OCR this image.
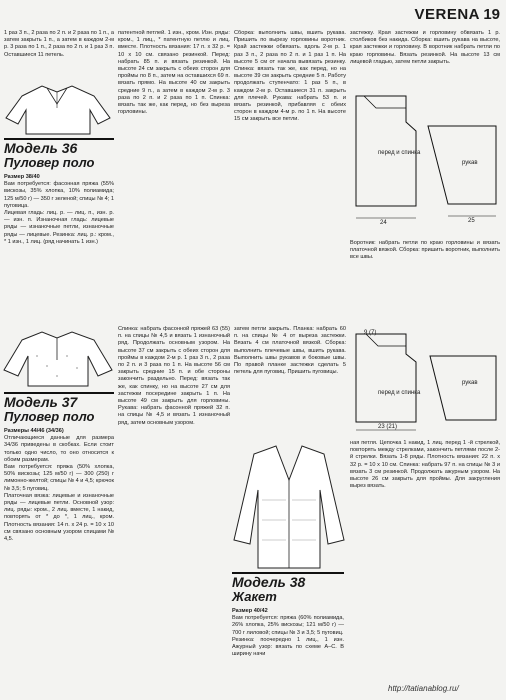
VERENA 19
1 раз 3 п., 2 раза по 2 п. и 2 раза по 1 п., а затем закрыть 1 п., а затем в каждом 2-м р. 3 раза по 1 п., 2 раза по 2 п. и 1 раз 3 п. Оставшиеся 11 петель.
Модель 36
Пуловер поло

Размер 38/40

Вам потребуется: фасонная пряжа (55% вискозы, 35% хлопка, 10% полиамида; 125 м/50 г) — 350 г зеленой; спицы № 4; 1 пуговица.

Лицевая гладь: лиц. р. — лиц. п., изн. р. — изн. п. Изнаночная гладь: лицевые ряды — изнаночные петли, изнаночные ряды — лицевые. Резинка: лиц. р.: кром., * 1 изн., 1 лиц. (ряд начинать 1 изн.)

патентной петлей. 1 изн., кром. Изн. ряды: кром., 1 лиц., * патентную петлю и лиц. вместе. Плотность вязания: 17 п. х 32 р. = 10 х 10 см. связано резинкой. Перед: набрать 85 п. и вязать резинкой. На высоте 24 см закрыть с обеих сторон для проймы по 8 п., затем на оставшихся 69 п. вязать прямо. На высоте 40 см закрыть средние 9 п., а затем в каждом 2-м р. 3 раза по 2 п. и 2 раза по 1 п. Спинка: вязать так же, как перед, но без выреза горловины.
Сборка: выполнить швы, вшить рукава. Пришить по вырезу горловины воротник. Край застежки обвязать. вдоль 2-м р. 1 раз 3 п., 2 раза по 2 п. и 1 раз 1 п. На высоте 5 см от начала вывязать резинку. Спинка: вязать так же, как перед, но на высоте 39 см закрыть средние 5 п. Работу продолжать ступенчато: 1 раз 5 п., в каждом 2-м р. Оставшиеся 31 п. закрыть для плечей. Рукава: набрать 53 п. и вязать резинкой, прибавляя с обеих сторон в каждом 4-м р. по 1 п. На высоте 15 см закрыть все петли.
застежку. Края застежки и горловину обвязать 1 р. столбиков без накида. Сборка: вшить рукава на высоте, края застежки и горловину. В воротник набрать петли по краю горловины. Вязать резинкой. На высоте 13 см лицевой гладью, затем петли закрыть.
перед и спинка
рукав
24	25
Воротник: набрать петли по краю горловины и вязать платочной вязкой. Сборка: пришить воротник, выполнить все швы.
Модель 37
Пуловер поло

Размеры 44/46 (34/36)

Отличающиеся данные для размера 34/36 приведены в скобках. Если стоит только одно число, то оно относится к обоим размерам.

Вам потребуется: пряжа (50% хлопка, 50% вискозы; 125 м/50 г) — 300 (250) г лимонно-желтой; спицы № 4 и 4,5; крючок № 3,5; 5 пуговиц.

Платочная вязка: лицевые и изнаночные ряды — лицевые петли. Основной узор: лиц. ряды: кром., 2 лиц. вместе, 1 накид, повторять от * до *, 1 лиц., кром. Плотность вязания: 14 п. х 24 р. = 10 х 10 см связано основным узором спицами № 4,5.

Спинка: набрать фасонной пряжей 63 (55) п. на спицы № 4,5 и вязать 1 изнаночный ряд. Продолжать основным узором. На высоте 37 см закрыть с обеих сторон для проймы в каждом 2-м р. 1 раз 3 п., 2 раза по 2 п. и 3 раза по 1 п. На высоте 56 см закрыть средние 15 п. и обе стороны закончить раздельно. Перед: вязать так же, как спинку, но на высоте 27 см для застежки посередине закрыть 1 п. На высоте 49 см закрыть для горловины. Рукава: набрать фасонной пряжей 32 п. на спицы № 4,5 и вязать 1 изнаночный ряд, затем основным узором.
затем петли закрыть. Планка: набрать 60 п. на спицы № 4 от выреза застежки. Вязать 4 см платочной вязкой. Сборка: выполнить плечевые швы, вшить рукава. Выполнить швы рукавов и боковые швы. По правой планке застежки сделать 5 петель для пуговиц. Пришить пуговицы.
9 (7)
перед и спинка
рукав
23 (21)
Модель 38
Жакет

Размер 40/42

Вам потребуется: пряжа (60% полиамида, 26% хлопка, 25% вискозы; 121 м/50 г) — 700 г лиловой; спицы № 3 и 3,5; 5 пуговиц.

Резинка: поочередно 1 лиц., 1 изн. Ажурный узор: вязать по схеме А–С. В ширину начи

ная петля. Цепочка 1 накид, 1 лиц. перед 1 -й стрелкой, повторять между стрелками, закончить петлями после 2-й стрелки. Вязать 1-8 ряды. Плотность вязания: 22 п. х 32 р. = 10 х 10 см. Спинка: набрать 97 п. на спицы № 3 и вязать 3 см резинкой. Продолжать ажурным узором. На высоте 26 см закрыть для проймы. Для закругления вырез вязать.
http://tatianablog.ru/
